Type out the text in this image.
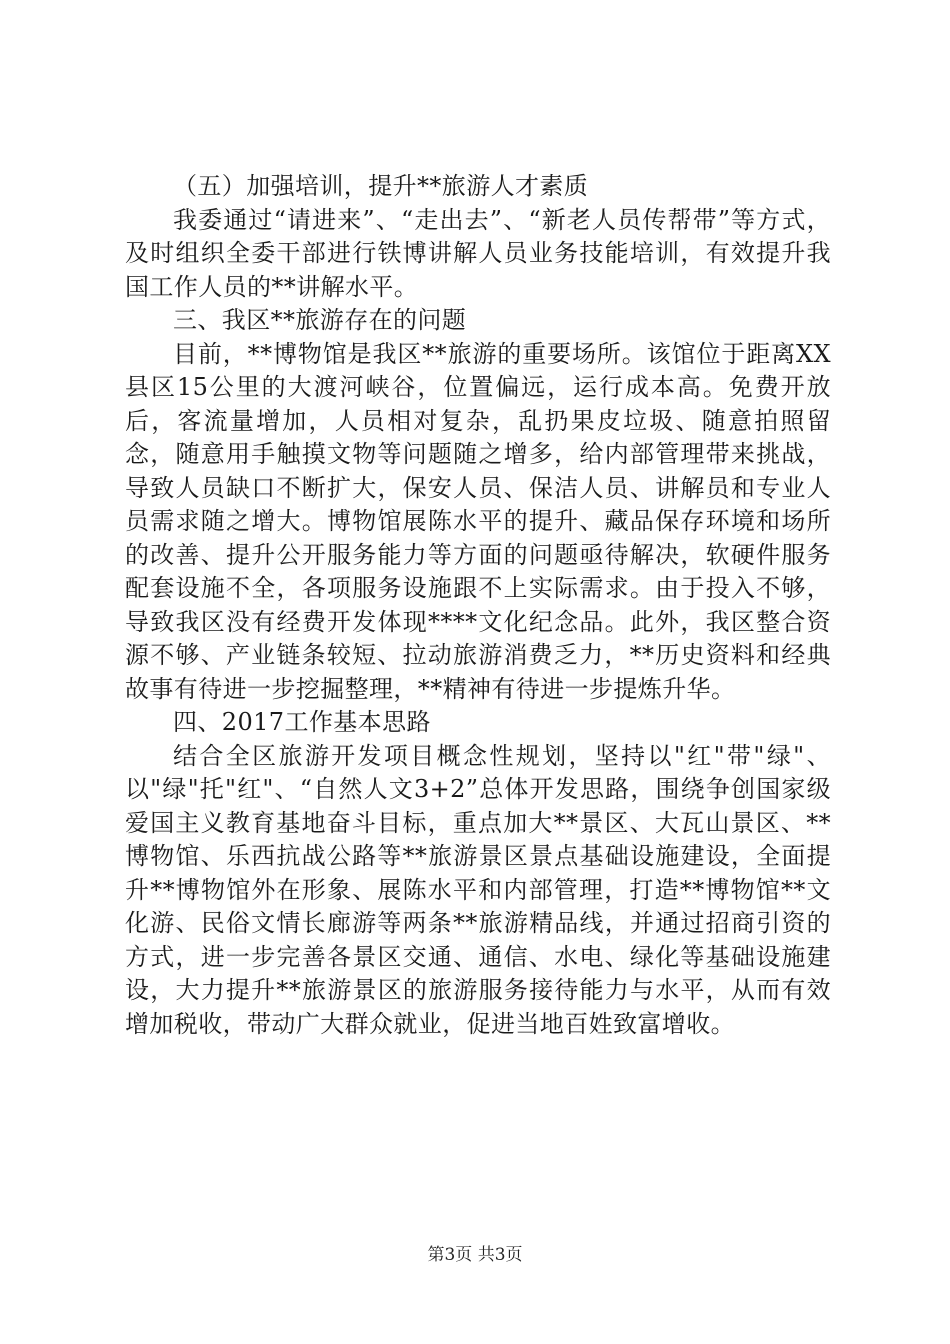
（五）加强培训，提升**旅游人才素质

我委通过“请进来”、“走出去”、“新老人员传帮带”等方式，及时组织全委干部进行铁博讲解人员业务技能培训，有效提升我国工作人员的**讲解水平。

三、我区**旅游存在的问题

目前，**博物馆是我区**旅游的重要场所。该馆位于距离XX县区15公里的大渡河峡谷，位置偏远，运行成本高。免费开放后，客流量增加，人员相对复杂，乱扔果皮垃圾、随意拍照留念，随意用手触摸文物等问题随之增多，给内部管理带来挑战，导致人员缺口不断扩大，保安人员、保洁人员、讲解员和专业人员需求随之增大。博物馆展陈水平的提升、藏品保存环境和场所的改善、提升公开服务能力等方面的问题亟待解决，软硬件服务配套设施不全，各项服务设施跟不上实际需求。由于投入不够，导致我区没有经费开发体现****文化纪念品。此外，我区整合资源不够、产业链条较短、拉动旅游消费乏力，**历史资料和经典故事有待进一步挖掘整理，**精神有待进一步提炼升华。

四、2017工作基本思路

结合全区旅游开发项目概念性规划，坚持以"红"带"绿"、以"绿"托"红"、“自然人文3+2”总体开发思路，围绕争创国家级爱国主义教育基地奋斗目标，重点加大**景区、大瓦山景区、**博物馆、乐西抗战公路等**旅游景区景点基础设施建设，全面提升**博物馆外在形象、展陈水平和内部管理，打造**博物馆**文化游、民俗文情长廊游等两条**旅游精品线，并通过招商引资的方式，进一步完善各景区交通、通信、水电、绿化等基础设施建设，大力提升**旅游景区的旅游服务接待能力与水平，从而有效增加税收，带动广大群众就业，促进当地百姓致富增收。

第3页 共3页
